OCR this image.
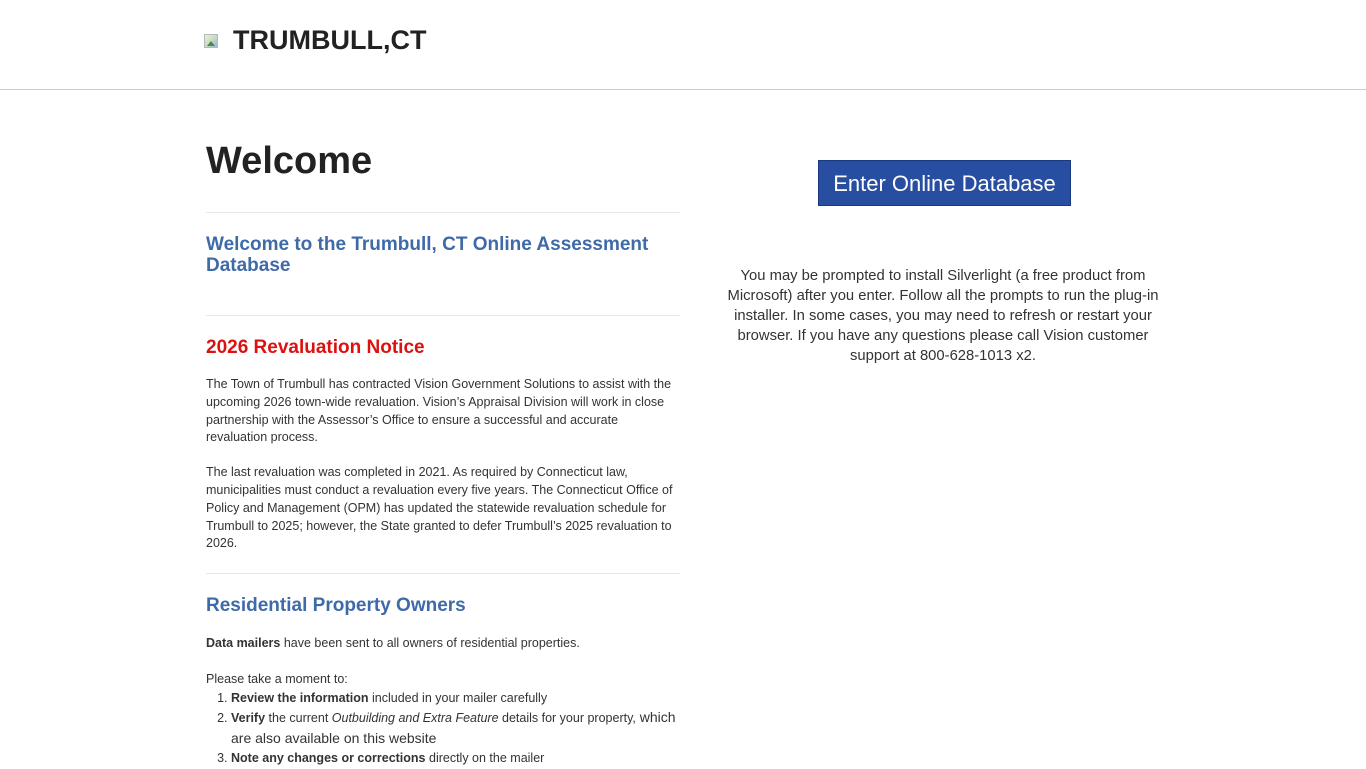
TRUMBULL,CT
Welcome
Welcome to the Trumbull, CT Online Assessment Database
2026 Revaluation Notice

The Town of Trumbull has contracted Vision Government Solutions to assist with the upcoming 2026 town-wide revaluation. Vision’s Appraisal Division will work in close partnership with the Assessor’s Office to ensure a successful and accurate revaluation process.

The last revaluation was completed in 2021. As required by Connecticut law, municipalities must conduct a revaluation every five years. The Connecticut Office of Policy and Management (OPM) has updated the statewide revaluation schedule for Trumbull to 2025; however, the State granted to defer Trumbull’s 2025 revaluation to 2026.

Residential Property Owners

Data mailers have been sent to all owners of residential properties.

Please take a moment to:

1. Review the information included in your mailer carefully
2. Verify the current Outbuilding and Extra Feature details for your property, which are also available on this website
3. Note any changes or corrections directly on the mailer
Enter Online Database

You may be prompted to install Silverlight (a free product from Microsoft) after you enter. Follow all the prompts to run the plug-in installer. In some cases, you may need to refresh or restart your browser. If you have any questions please call Vision customer support at 800-628-1013 x2.
